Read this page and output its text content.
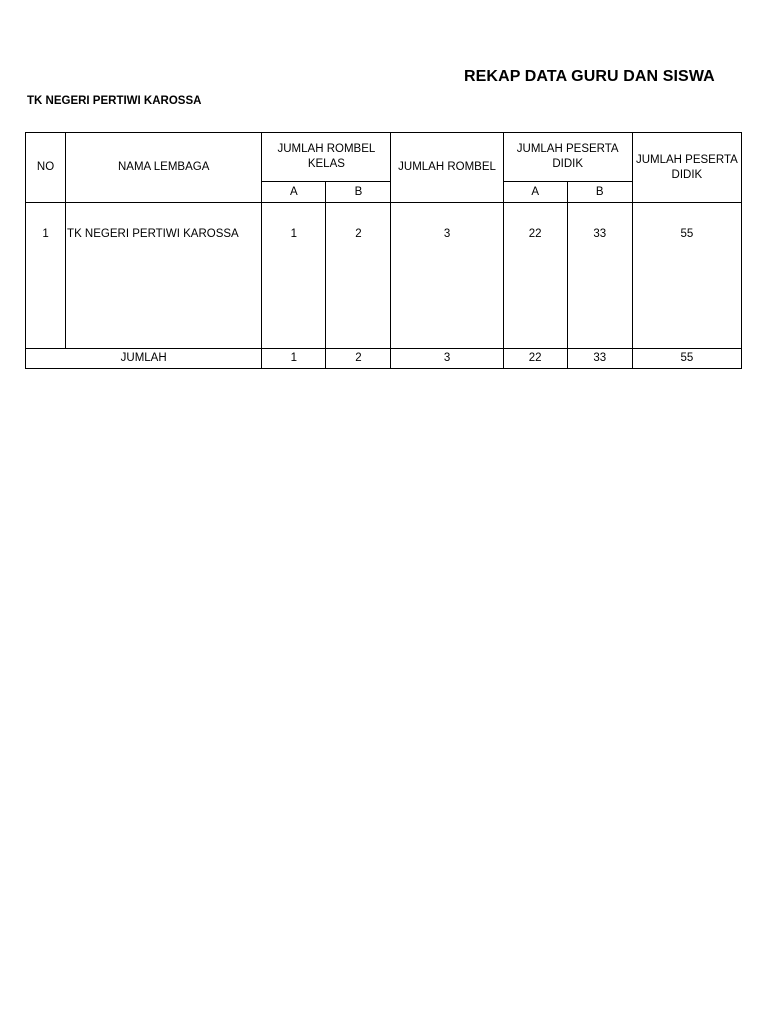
REKAP DATA GURU DAN SISWA
TK NEGERI PERTIWI KAROSSA
NO	NAMA LEMBAGA	JUMLAH ROMBEL KELAS		JUMLAH ROMBEL	JUMLAH PESERTA DIDIK		JUMLAH PESERTA DIDIK
		A	B		A	B	
1	TK NEGERI PERTIWI KAROSSA	1	2	3	22	33	55
JUMLAH		1	2	3	22	33	55
